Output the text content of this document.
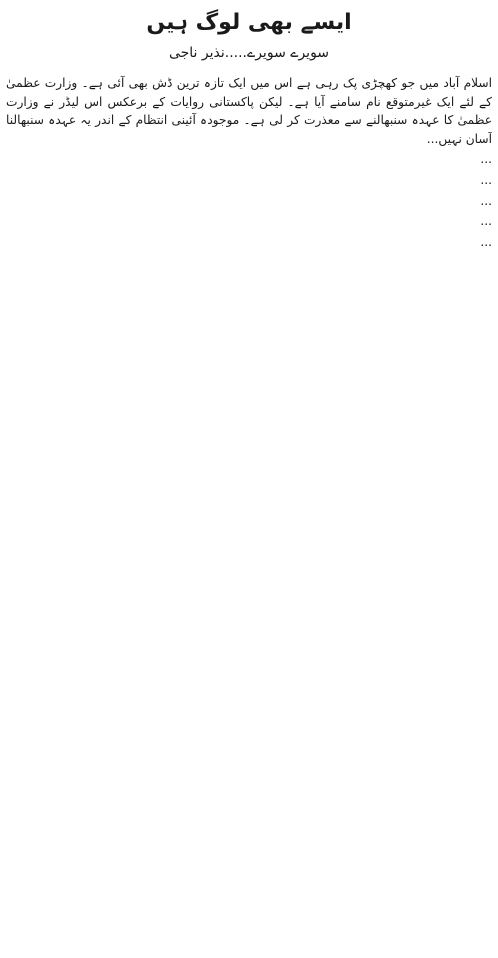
ایسے بھی لوگ ہیں
سویرے سویرے.....نذیر ناجی

اسلام آباد میں جو کھچڑی پک رہی ہے اس میں ایک تازہ ترین ڈش بھی آئی ہے۔ وزارت عظمیٰ کے لئے ایک غیرمتوقع نام سامنے آیا ہے۔ لیکن پاکستانی روایات کے برعکس اس لیڈر نے وزارت عظمیٰ کا عہدہ سنبھالنے سے معذرت کر لی ہے۔ موجودہ آئینی انتظام کے اندر یہ عہدہ سنبھالنا آسان نہیں...

...

...

...

...

...
